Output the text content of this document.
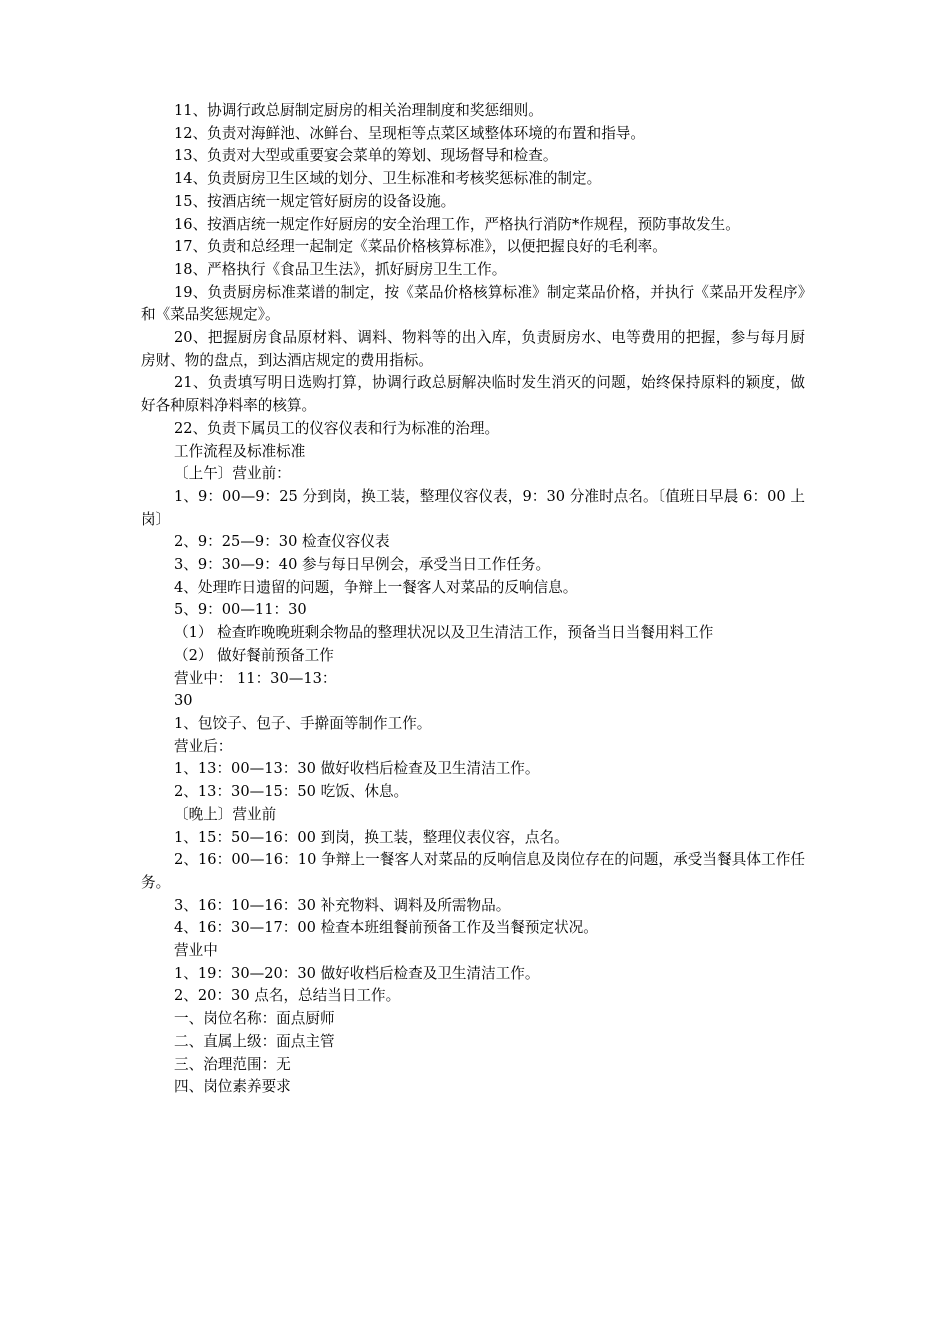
11、协调行政总厨制定厨房的相关治理制度和奖惩细则。

12、负责对海鲜池、冰鲜台、呈现柜等点菜区域整体环境的布置和指导。

13、负责对大型或重要宴会菜单的筹划、现场督导和检查。

14、负责厨房卫生区域的划分、卫生标准和考核奖惩标准的制定。

15、按酒店统一规定管好厨房的设备设施。

16、按酒店统一规定作好厨房的安全治理工作，严格执行消防*作规程，预防事故发生。

17、负责和总经理一起制定《菜品价格核算标准》，以便把握良好的毛利率。

18、严格执行《食品卫生法》，抓好厨房卫生工作。

19、负责厨房标准菜谱的制定，按《菜品价格核算标准》制定菜品价格，并执行《菜品开发程序》和《菜品奖惩规定》。

20、把握厨房食品原材料、调料、物料等的出入库，负责厨房水、电等费用的把握，参与每月厨房财、物的盘点，到达酒店规定的费用指标。

21、负责填写明日选购打算，协调行政总厨解决临时发生消灭的问题，始终保持原料的颖度，做好各种原料净料率的核算。

22、负责下属员工的仪容仪表和行为标准的治理。

工作流程及标准标准

〔上午〕营业前：

1、9：00—9：25 分到岗，换工装，整理仪容仪表，9：30 分准时点名。〔值班日早晨 6：00 上岗〕

2、9：25—9：30 检查仪容仪表

3、9：30—9：40 参与每日早例会，承受当日工作任务。

4、处理昨日遗留的问题，争辩上一餐客人对菜品的反响信息。

5、9：00—11：30

（1） 检查昨晚晚班剩余物品的整理状况以及卫生清洁工作，预备当日当餐用料工作

（2） 做好餐前预备工作

营业中： 11：30—13：

30

1、包饺子、包子、手擀面等制作工作。

营业后：

1、13：00—13：30 做好收档后检查及卫生清洁工作。

2、13：30—15：50 吃饭、休息。

〔晚上〕营业前

1、15：50—16：00 到岗，换工装，整理仪表仪容，点名。

2、16：00—16：10 争辩上一餐客人对菜品的反响信息及岗位存在的问题，承受当餐具体工作任务。

3、16：10—16：30 补充物料、调料及所需物品。

4、16：30—17：00 检查本班组餐前预备工作及当餐预定状况。

营业中

1、19：30—20：30 做好收档后检查及卫生清洁工作。

2、20：30 点名，总结当日工作。

一、岗位名称：面点厨师

二、直属上级：面点主管

三、治理范围：无

四、岗位素养要求
